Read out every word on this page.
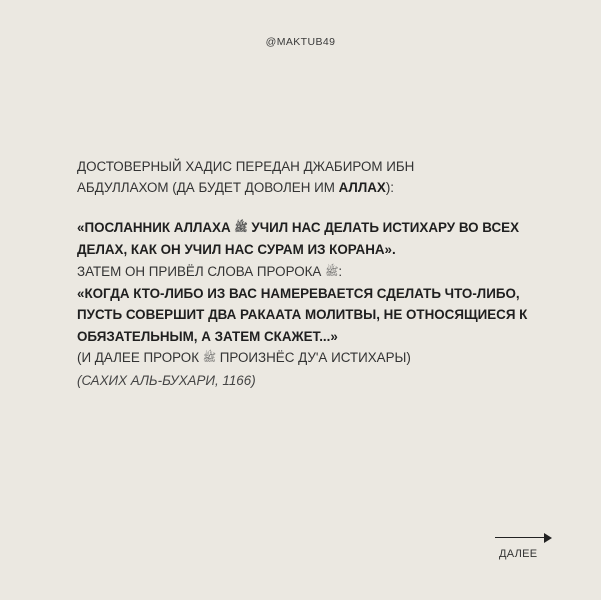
@MAKTUB49

ДОСТОВЕРНЫЙ ХАДИС ПЕРЕДАН ДЖАБИРОМ ИБН
АБДУЛЛАХОМ (ДА БУДЕТ ДОВОЛЕН ИМ АЛЛАХ):

«ПОСЛАННИК АЛЛАХА ﷺ УЧИЛ НАС ДЕЛАТЬ ИСТИХАРУ ВО ВСЕХ ДЕЛАХ, КАК ОН УЧИЛ НАС СУРАМ ИЗ КОРАНА».

ЗАТЕМ ОН ПРИВЁЛ СЛОВА ПРОРОКА ﷺ:

«КОГДА КТО-ЛИБО ИЗ ВАС НАМЕРЕВАЕТСЯ СДЕЛАТЬ ЧТО-ЛИБО, ПУСТЬ СОВЕРШИТ ДВА РАКААТА МОЛИТВЫ, НЕ ОТНОСЯЩИЕСЯ К ОБЯЗАТЕЛЬНЫМ, А ЗАТЕМ СКАЖЕТ...»

(И ДАЛЕЕ ПРОРОК ﷺ ПРОИЗНЁС ДУ'А ИСТИХАРЫ)

(САХИХ АЛЬ-БУХАРИ, 1166)

ДАЛЕЕ
